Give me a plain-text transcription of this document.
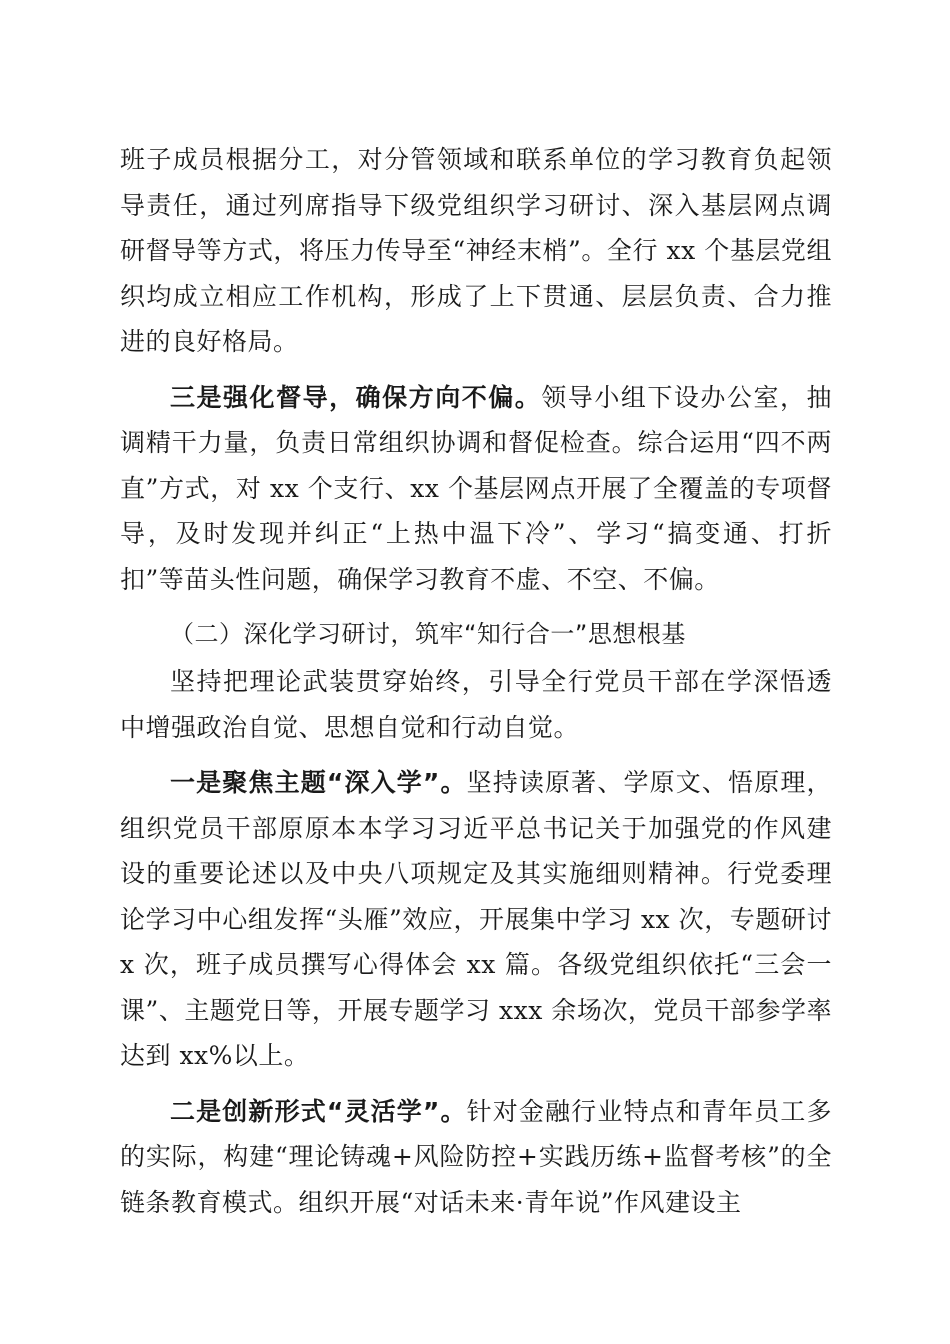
班子成员根据分工，对分管领域和联系单位的学习教育负起领导责任，通过列席指导下级党组织学习研讨、深入基层网点调研督导等方式，将压力传导至“神经末梢”。全行 xx 个基层党组织均成立相应工作机构，形成了上下贯通、层层负责、合力推进的良好格局。

三是强化督导，确保方向不偏。领导小组下设办公室，抽调精干力量，负责日常组织协调和督促检查。综合运用“四不两直”方式，对 xx 个支行、xx 个基层网点开展了全覆盖的专项督导，及时发现并纠正“上热中温下冷”、学习“搞变通、打折扣”等苗头性问题，确保学习教育不虚、不空、不偏。

（二）深化学习研讨，筑牢“知行合一”思想根基

坚持把理论武装贯穿始终，引导全行党员干部在学深悟透中增强政治自觉、思想自觉和行动自觉。

一是聚焦主题“深入学”。坚持读原著、学原文、悟原理，组织党员干部原原本本学习习近平总书记关于加强党的作风建设的重要论述以及中央八项规定及其实施细则精神。行党委理论学习中心组发挥“头雁”效应，开展集中学习 xx 次，专题研讨 x 次，班子成员撰写心得体会 xx 篇。各级党组织依托“三会一课”、主题党日等，开展专题学习 xxx 余场次，党员干部参学率达到 xx%以上。

二是创新形式“灵活学”。针对金融行业特点和青年员工多的实际，构建“理论铸魂+风险防控+实践历练+监督考核”的全链条教育模式。组织开展“对话未来·青年说”作风建设主
